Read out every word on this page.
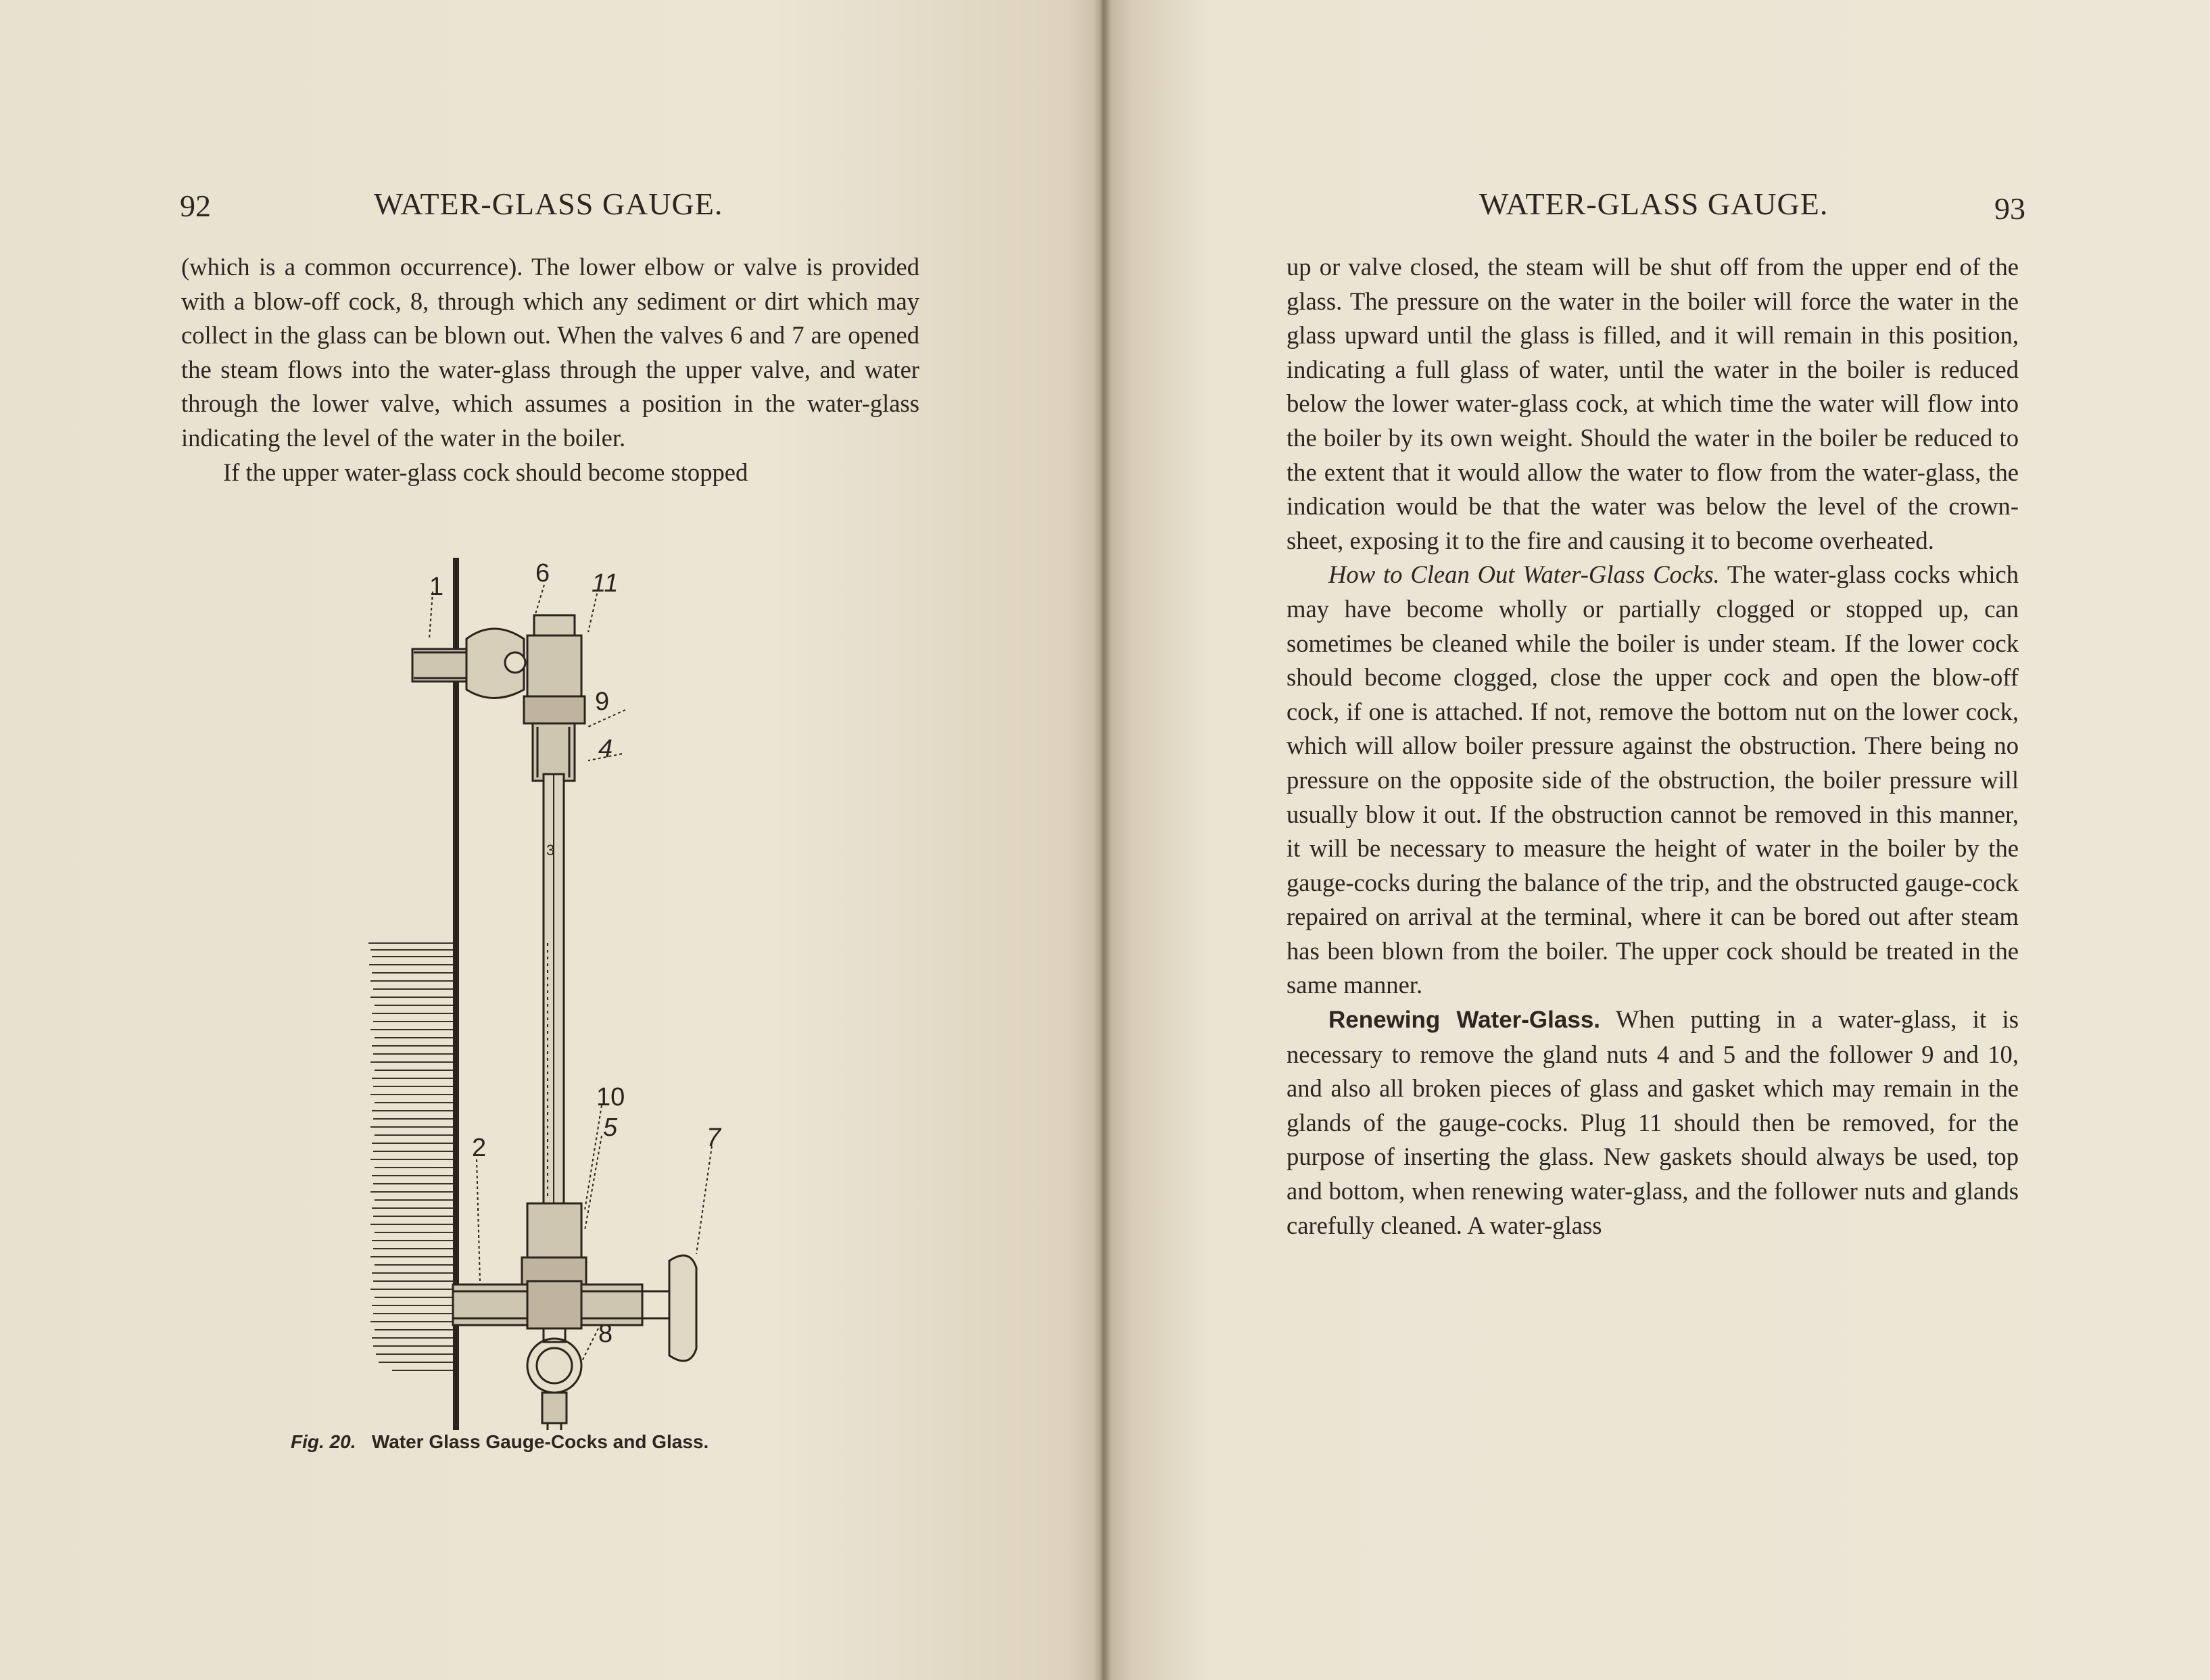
92	WATER-GLASS GAUGE.

(which is a common occurrence). The lower elbow or valve is provided with a blow-off cock, 8, through which any sediment or dirt which may collect in the glass can be blown out. When the valves 6 and 7 are opened the steam flows into the water-glass through the upper valve, and water through the lower valve, which assumes a position in the water-glass indicating the level of the water in the boiler.

If the upper water-glass cock should become stopped

1	6 11
9
4
3
10
5
2	7
8
Fig. 20. Water Glass Gauge-Cocks and Glass.
WATER-GLASS GAUGE.	93

up or valve closed, the steam will be shut off from the upper end of the glass. The pressure on the water in the boiler will force the water in the glass upward until the glass is filled, and it will remain in this position, indicating a full glass of water, until the water in the boiler is reduced below the lower water-glass cock, at which time the water will flow into the boiler by its own weight. Should the water in the boiler be reduced to the extent that it would allow the water to flow from the water-glass, the indication would be that the water was below the level of the crown-sheet, exposing it to the fire and causing it to become overheated.

How to Clean Out Water-Glass Cocks. The water-glass cocks which may have become wholly or partially clogged or stopped up, can sometimes be cleaned while the boiler is under steam. If the lower cock should become clogged, close the upper cock and open the blow-off cock, if one is attached. If not, remove the bottom nut on the lower cock, which will allow boiler pressure against the obstruction. There being no pressure on the opposite side of the obstruction, the boiler pressure will usually blow it out. If the obstruction cannot be removed in this manner, it will be necessary to measure the height of water in the boiler by the gauge-cocks during the balance of the trip, and the obstructed gauge-cock repaired on arrival at the terminal, where it can be bored out after steam has been blown from the boiler. The upper cock should be treated in the same manner.

Renewing Water-Glass. When putting in a water-glass, it is necessary to remove the gland nuts 4 and 5 and the follower 9 and 10, and also all broken pieces of glass and gasket which may remain in the glands of the gauge-cocks. Plug 11 should then be removed, for the purpose of inserting the glass. New gaskets should always be used, top and bottom, when renewing water-glass, and the follower nuts and glands carefully cleaned. A water-glass
